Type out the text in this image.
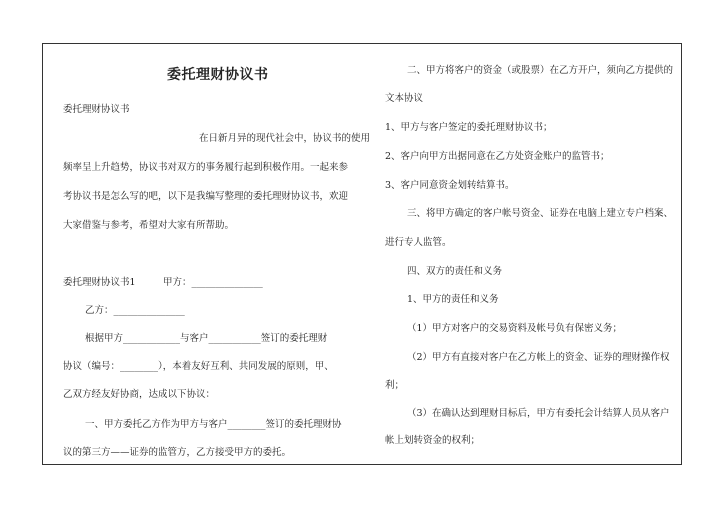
委托理财协议书
委托理财协议书
在日新月异的现代社会中，协议书的使用
频率呈上升趋势，协议书对双方的事务履行起到积极作用。一起来参
考协议书是怎么写的吧，以下是我编写整理的委托理财协议书，欢迎
大家借鉴与参考，希望对大家有所帮助。
委托理财协议书1	甲方：_______________
乙方：_______________
根据甲方____________与客户___________签订的委托理财
协议（编号：________），本着友好互利、共同发展的原则，甲、
乙双方经友好协商，达成以下协议：
一、甲方委托乙方作为甲方与客户________签订的委托理财协
议的第三方——证券的监管方，乙方接受甲方的委托。
二、甲方将客户的资金（或股票）在乙方开户，须向乙方提供的
文本协议
1、甲方与客户签定的委托理财协议书；
2、客户向甲方出据同意在乙方处资金账户的监管书；
3、客户同意资金划转结算书。
三、将甲方确定的客户帐号资金、证券在电脑上建立专户档案、
进行专人监管。
四、双方的责任和义务
1、甲方的责任和义务
（1）甲方对客户的交易资料及帐号负有保密义务；
（2）甲方有直接对客户在乙方帐上的资金、证券的理财操作权
利；
（3）在确认达到理财目标后，甲方有委托会计结算人员从客户
帐上划转资金的权利；
